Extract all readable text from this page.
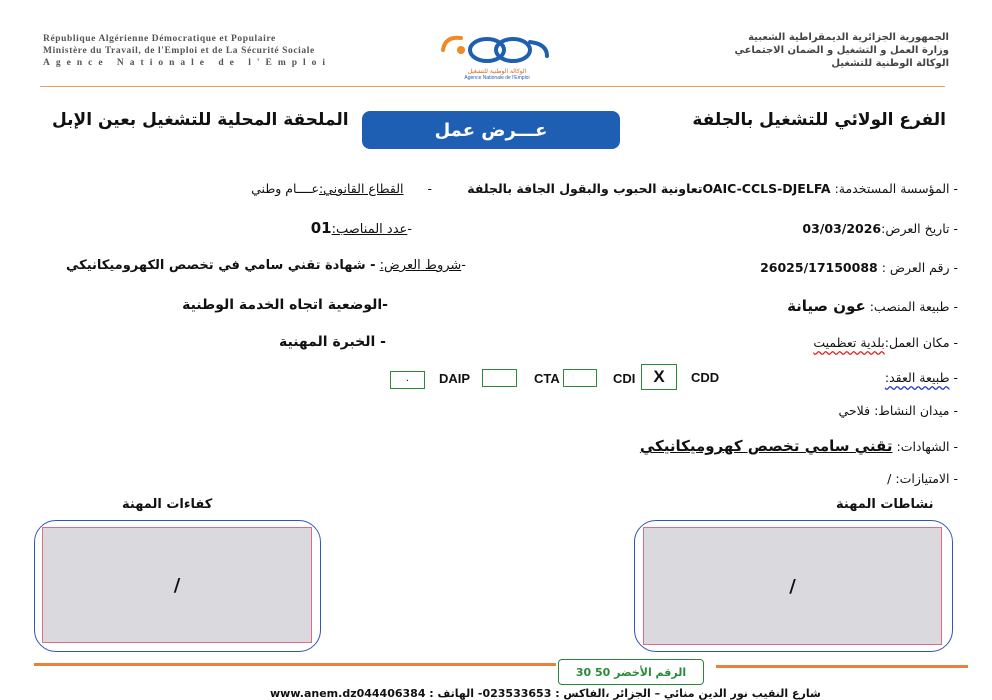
République Algérienne Démocratique et Populaire
Ministère du Travail, de l'Emploi et de La Sécurité Sociale
Agence Nationale de l'Emploi
الجمهورية الجزائرية الديمقراطية الشعبية
وزارة العمل و التشغيل و الضمان الاجتماعي
الوكالة الوطنية للتشغيل
الوكالة الوطنية للتشغيل
Agence Nationale de l'Emploi
الفرع الولائي للتشغيل بالجلفة
الملحقة المحلية للتشغيل بعين الإبل	عـــرض عمل
- المؤسسة المستخدمة: OAIC-CCLS-DJELFAتعاونية الحبوب والبقول الجافة بالجلفة
-  القطاع القانوني:عــــام وطني
- تاريخ العرض:03/03/2026
-عدد المناصب:01
- رقم العرض : 26025/17150088
-شروط العرض: - شهادة تقني سامي في تخصص الكهروميكانيكي
- طبيعة المنصب: عون صيانة
-الوضعية اتجاه الخدمة الوطنية
- مكان العمل:بلدية تعظميت
- الخبرة المهنية
- طبيعة العقد:
CDD
X
CDI
CTA
DAIP
.
- ميدان النشاط: فلاحي
- الشهادات: تقني سامي تخصص كهروميكانيكي
- الامتيازات: /
نشاطات المهنة
كفاءات المهنة
/
/
الرقم الأخضر 50 30
www.anem.dz044406384 : شارع النقيب نور الدين منائي – الجزائر ،الفاكس : 023533653- الهاتف
